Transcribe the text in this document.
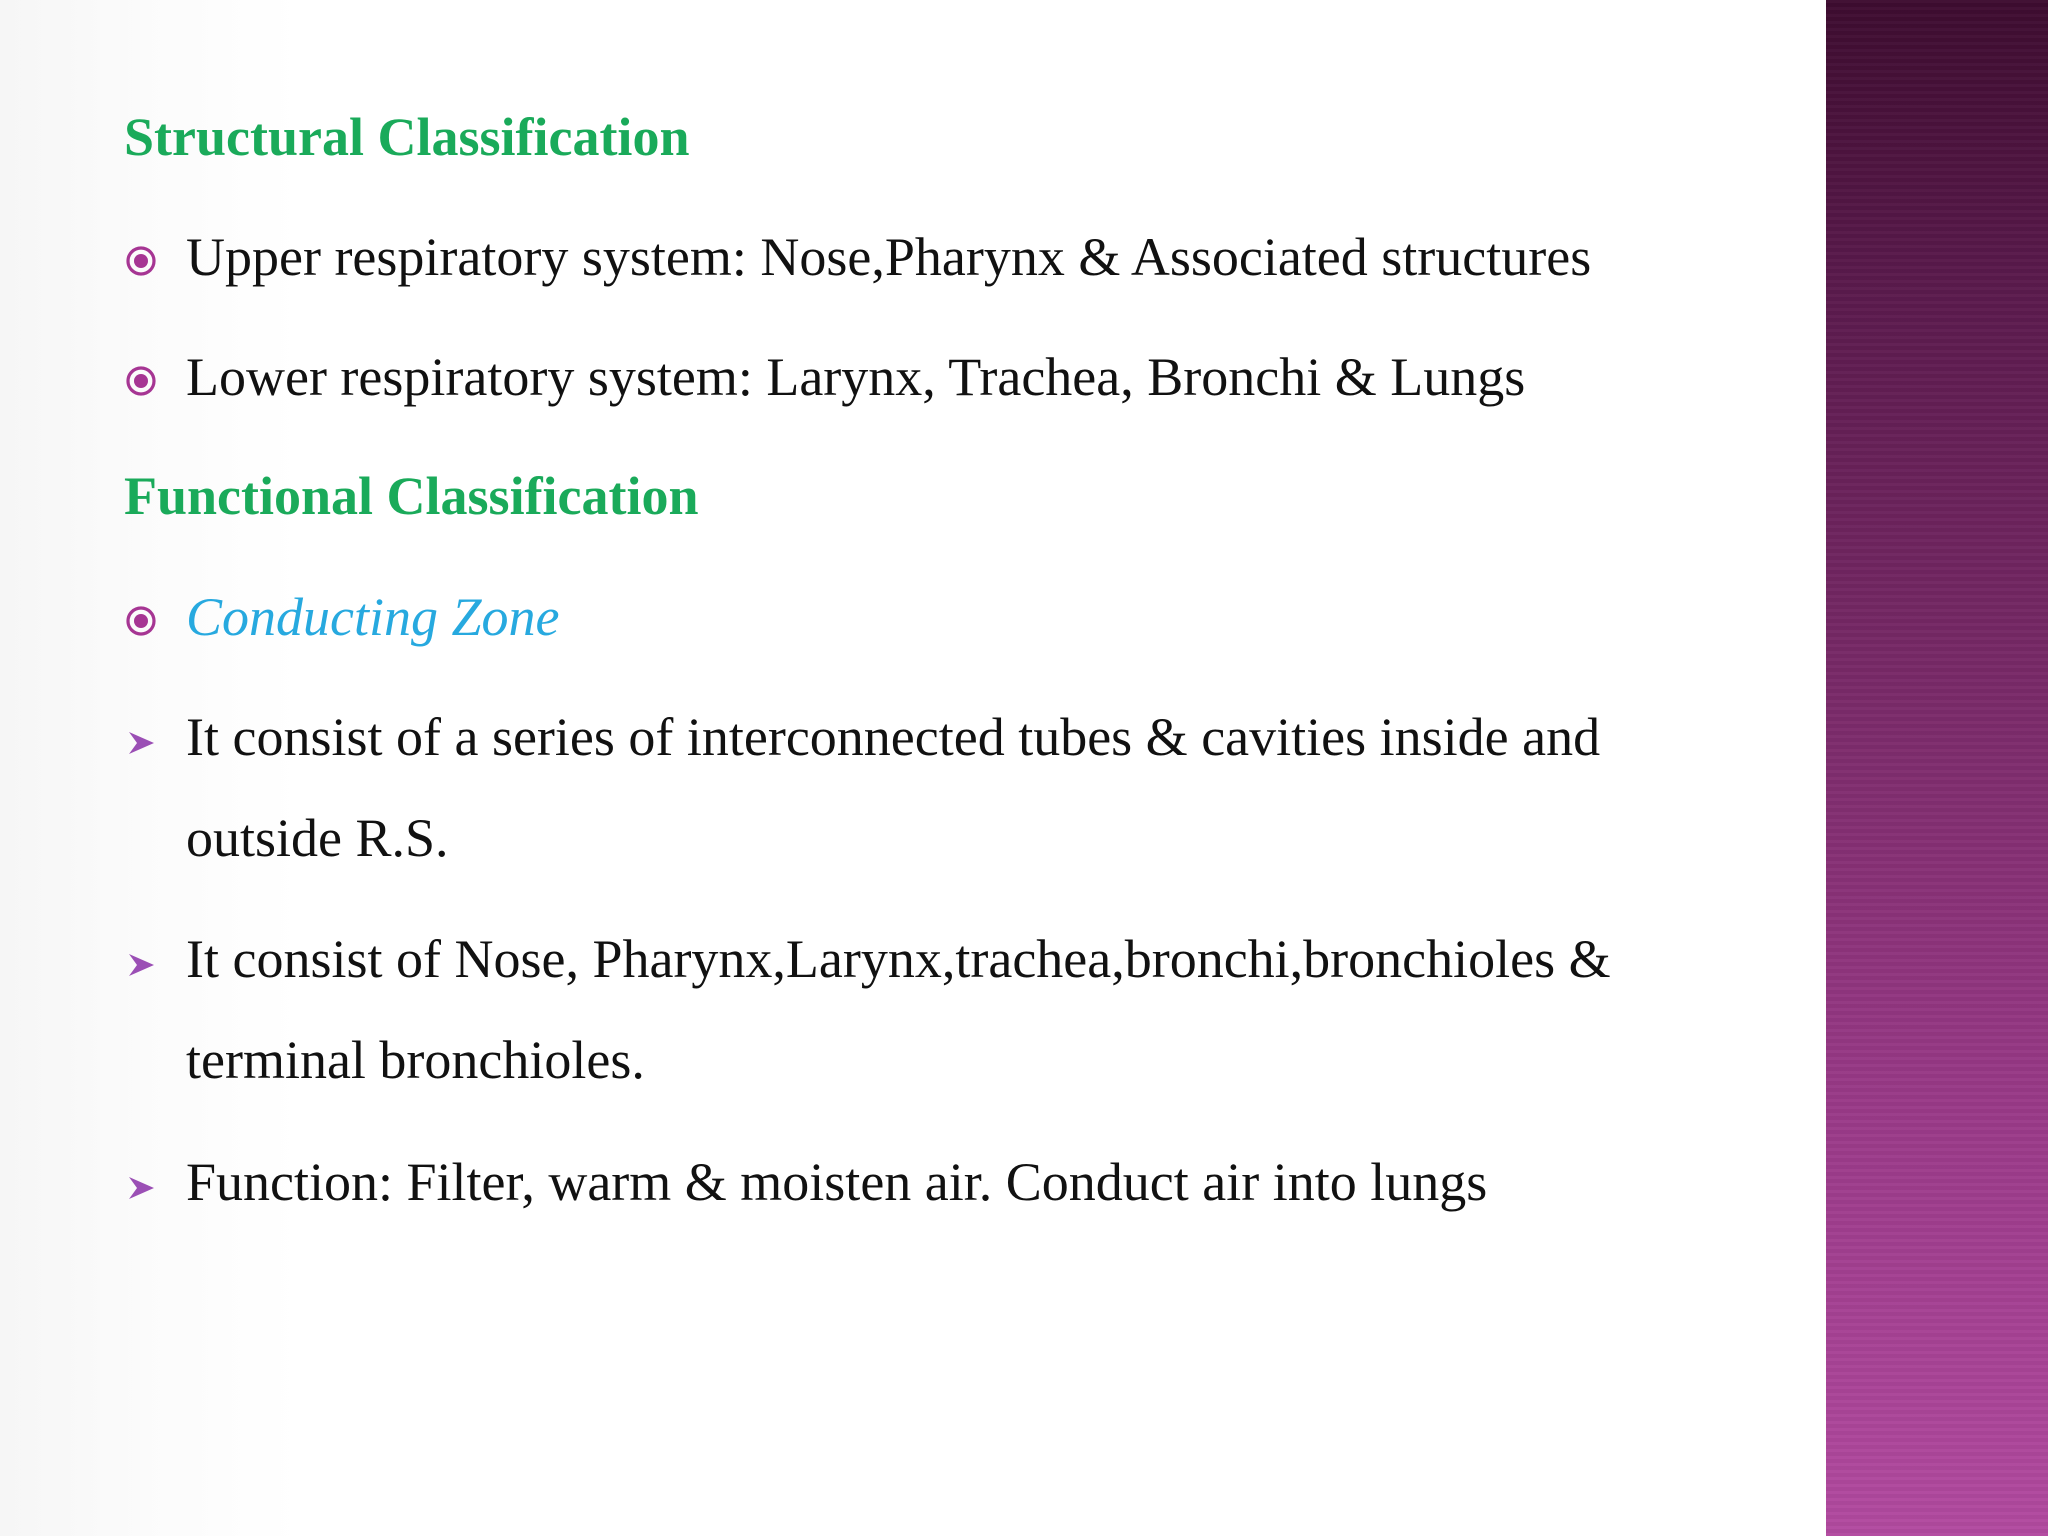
Structural Classification
Upper respiratory system: Nose,Pharynx & Associated structures
Lower respiratory system: Larynx, Trachea, Bronchi & Lungs
Functional Classification
Conducting Zone
It consist of a series of interconnected tubes & cavities inside and
outside R.S.
It consist of Nose, Pharynx,Larynx,trachea,bronchi,bronchioles &
terminal bronchioles.
Function: Filter, warm & moisten air. Conduct air into lungs
